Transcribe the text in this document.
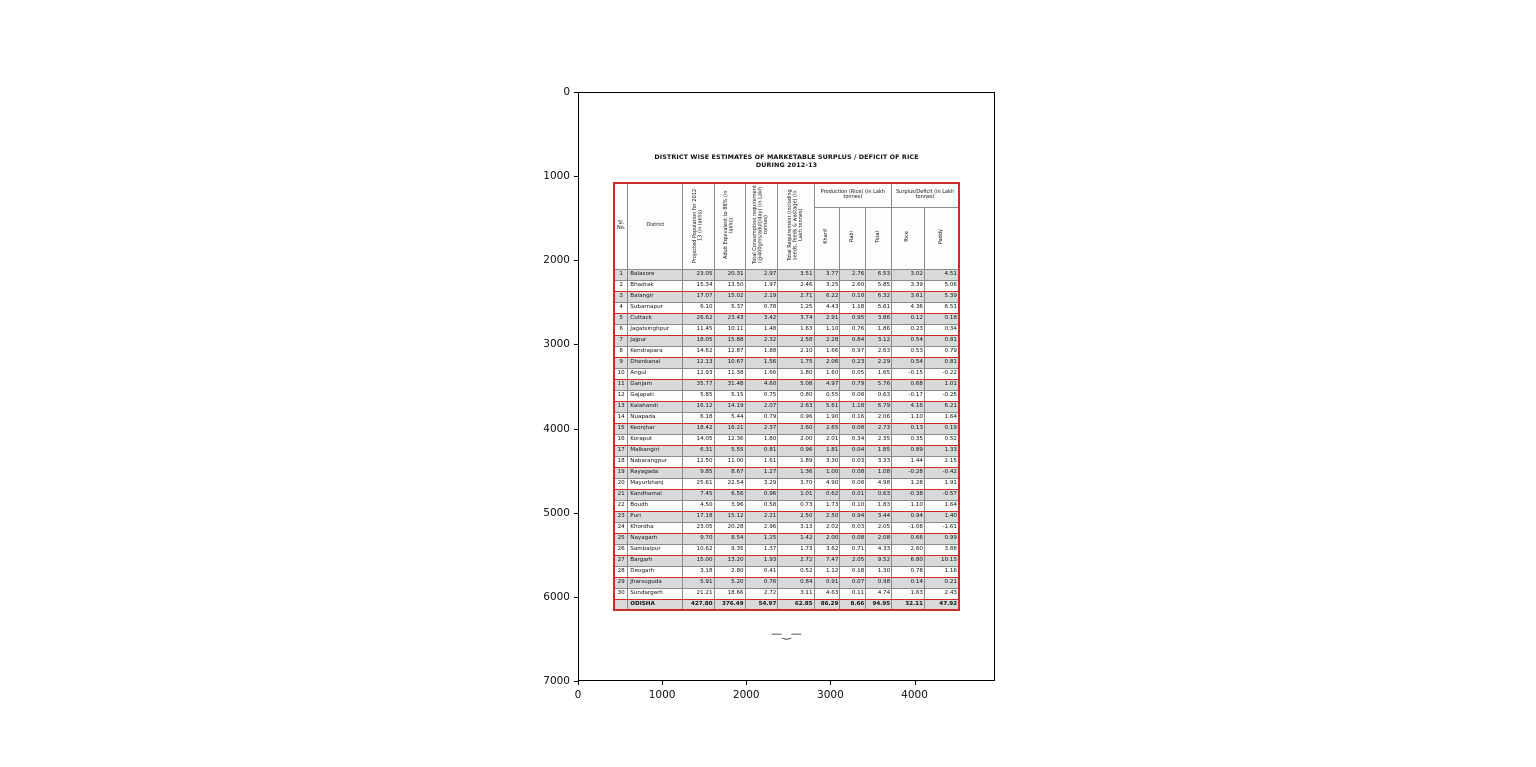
DISTRICT WISE ESTIMATES OF MARKETABLE SURPLUS / DEFICIT OF RICE
DURING 2012-13
Sl. No.	District	Projected Population for 2012-13 (in lakhs)	Adult Equivalent to 88% (in lakhs)	Total Consumption requirement (@400gms/adult/day) (in Lakh tonnes)	Total Requirement (including seeds, feeds & wastage) (in Lakh tonnes)	Production (Rice) (in Lakh tonnes)			Surplus/Deficit (in Lakh tonnes)	
						Kharif	Rabi	Total	Rice	Paddy
1	Balasore	23.05	20.31	2.97	3.51	3.77	2.76	6.53	3.02	4.51
2	Bhadrak	15.34	13.50	1.97	2.46	3.25	2.60	5.85	3.39	5.06
3	Balangir	17.07	15.02	2.19	2.71	6.22	0.10	6.32	3.61	5.39
4	Subarnapur	6.10	5.37	0.78	1.25	4.43	1.18	5.61	4.36	6.51
5	Cuttack	26.62	23.43	3.42	3.74	2.91	0.95	3.86	0.12	0.18
6	Jagatsinghpur	11.45	10.11	1.48	1.63	1.10	0.76	1.86	0.23	0.34
7	Jajpur	18.05	15.88	2.32	2.58	2.28	0.84	3.12	0.54	0.81
8	Kendrapara	14.62	12.87	1.88	2.10	1.66	0.97	2.63	0.53	0.79
9	Dhenkanal	12.13	10.67	1.56	1.75	2.06	0.23	2.29	0.54	0.81
10	Angul	12.93	11.38	1.66	1.80	1.60	0.05	1.65	-0.15	-0.22
11	Ganjam	35.77	31.48	4.60	5.08	4.97	0.79	5.76	0.68	1.01
12	Gajapati	5.85	5.15	0.75	0.80	0.55	0.08	0.63	-0.17	-0.25
13	Kalahandi	16.12	14.19	2.07	2.63	5.61	1.18	6.79	4.16	6.21
14	Nuapada	6.18	5.44	0.79	0.96	1.90	0.16	2.06	1.10	1.64
15	Keonjhar	18.42	16.21	2.37	2.60	2.65	0.08	2.73	0.13	0.19
16	Koraput	14.05	12.36	1.80	2.00	2.01	0.34	2.35	0.35	0.52
17	Malkangiri	6.31	5.55	0.81	0.96	1.81	0.04	1.85	0.89	1.33
18	Nabarangpur	12.50	11.00	1.61	1.89	3.30	0.03	3.33	1.44	2.15
19	Rayagada	9.85	8.67	1.27	1.36	1.00	0.08	1.08	-0.28	-0.42
20	Mayurbhanj	25.61	22.54	3.29	3.70	4.90	0.08	4.98	1.28	1.91
21	Kandhamal	7.45	6.56	0.96	1.01	0.62	0.01	0.63	-0.38	-0.57
22	Boudh	4.50	3.96	0.58	0.73	1.73	0.10	1.83	1.10	1.64
23	Puri	17.18	15.12	2.21	2.50	2.50	0.94	3.44	0.94	1.40
24	Khordha	23.05	20.28	2.96	3.13	2.02	0.03	2.05	-1.08	-1.61
25	Nayagarh	9.70	8.54	1.25	1.42	2.00	0.08	2.08	0.66	0.99
26	Sambalpur	10.62	9.35	1.37	1.73	3.62	0.71	4.33	2.60	3.88
27	Bargarh	15.00	13.20	1.93	2.72	7.47	2.05	9.52	6.80	10.15
28	Deogarh	3.18	2.80	0.41	0.52	1.12	0.18	1.30	0.78	1.16
29	Jharsuguda	5.91	5.20	0.76	0.84	0.91	0.07	0.98	0.14	0.21
30	Sundargarh	21.21	18.66	2.72	3.11	4.63	0.11	4.74	1.63	2.43
	ODISHA	427.80	376.49	54.97	62.85	86.29	8.66	94.95	32.11	47.92
—‿—
0
1000
2000
3000
4000
5000
6000
7000
0	1000	2000	3000	4000
